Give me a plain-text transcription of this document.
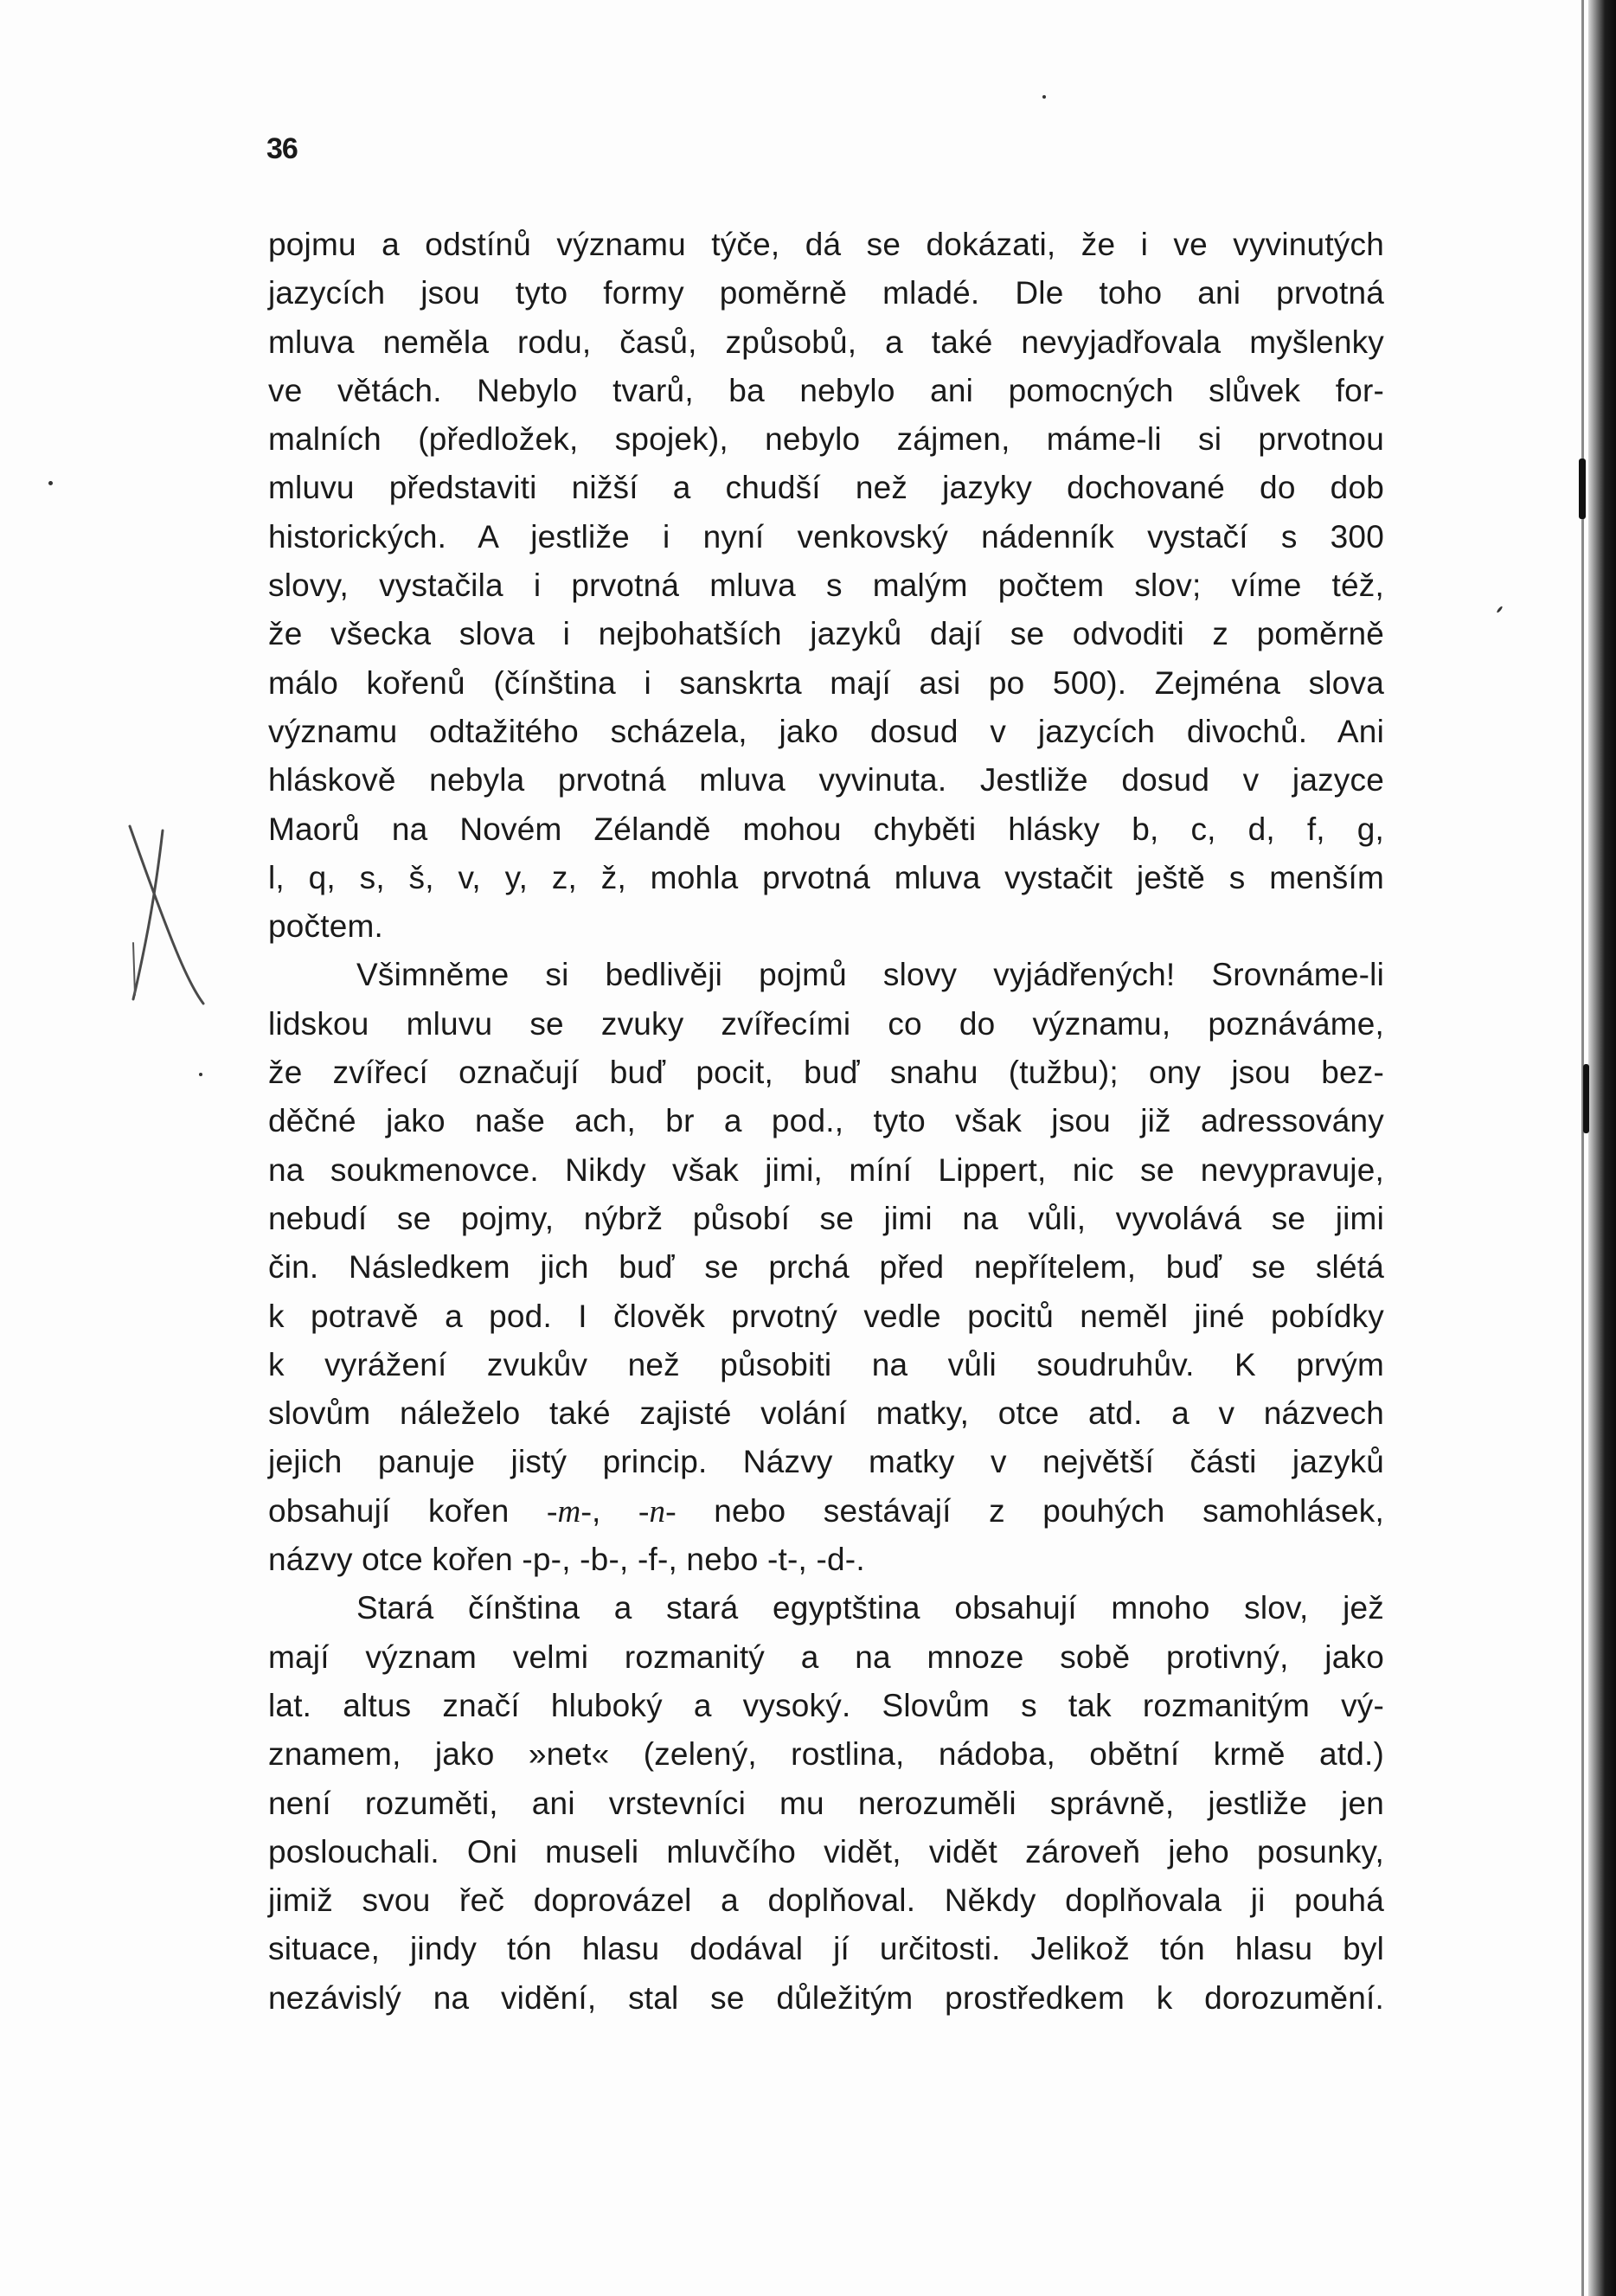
36
pojmu a odstínů významu týče, dá se dokázati, že i ve vyvinutých
jazycích jsou tyto formy poměrně mladé. Dle toho ani prvotná
mluva neměla rodu, časů, způsobů, a také nevyjadřovala myšlenky
ve větách. Nebylo tvarů, ba nebylo ani pomocných slůvek for-
malních (předložek, spojek), nebylo zájmen, máme-li si prvotnou
mluvu představiti nižší a chudší než jazyky dochované do dob
historických. A jestliže i nyní venkovský nádenník vystačí s 300
slovy, vystačila i prvotná mluva s malým počtem slov; víme též,
že všecka slova i nejbohatších jazyků dají se odvoditi z poměrně
málo kořenů (čínština i sanskrta mají asi po 500). Zejména slova
významu odtažitého scházela, jako dosud v jazycích divochů. Ani
hláskově nebyla prvotná mluva vyvinuta. Jestliže dosud v jazyce
Maorů na Novém Zélandě mohou chyběti hlásky b, c, d, f, g,
l, q, s, š, v, y, z, ž, mohla prvotná mluva vystačit ještě s menším
počtem.
Všimněme si bedlivěji pojmů slovy vyjádřených! Srovnáme-li
lidskou mluvu se zvuky zvířecími co do významu, poznáváme,
že zvířecí označují buď pocit, buď snahu (tužbu); ony jsou bez-
děčné jako naše ach, br a pod., tyto však jsou již adressovány
na soukmenovce. Nikdy však jimi, míní Lippert, nic se nevypravuje,
nebudí se pojmy, nýbrž působí se jimi na vůli, vyvolává se jimi
čin. Následkem jich buď se prchá před nepřítelem, buď se slétá
k potravě a pod. I člověk prvotný vedle pocitů neměl jiné pobídky
k vyrážení zvukův než působiti na vůli soudruhův. K prvým
slovům náleželo také zajisté volání matky, otce atd. a v názvech
jejich panuje jistý princip. Názvy matky v největší části jazyků
obsahují kořen -m-, -n- nebo sestávají z pouhých samohlásek,
názvy otce kořen -p-, -b-, -f-, nebo -t-, -d-.
Stará čínština a stará egyptština obsahují mnoho slov, jež
mají význam velmi rozmanitý a na mnoze sobě protivný, jako
lat. altus značí hluboký a vysoký. Slovům s tak rozmanitým vý-
znamem, jako »net« (zelený, rostlina, nádoba, obětní krmě atd.)
není rozuměti, ani vrstevníci mu nerozuměli správně, jestliže jen
poslouchali. Oni museli mluvčího vidět, vidět zároveň jeho posunky,
jimiž svou řeč doprovázel a doplňoval. Někdy doplňovala ji pouhá
situace, jindy tón hlasu dodával jí určitosti. Jelikož tón hlasu byl
nezávislý na vidění, stal se důležitým prostředkem k dorozumění.
